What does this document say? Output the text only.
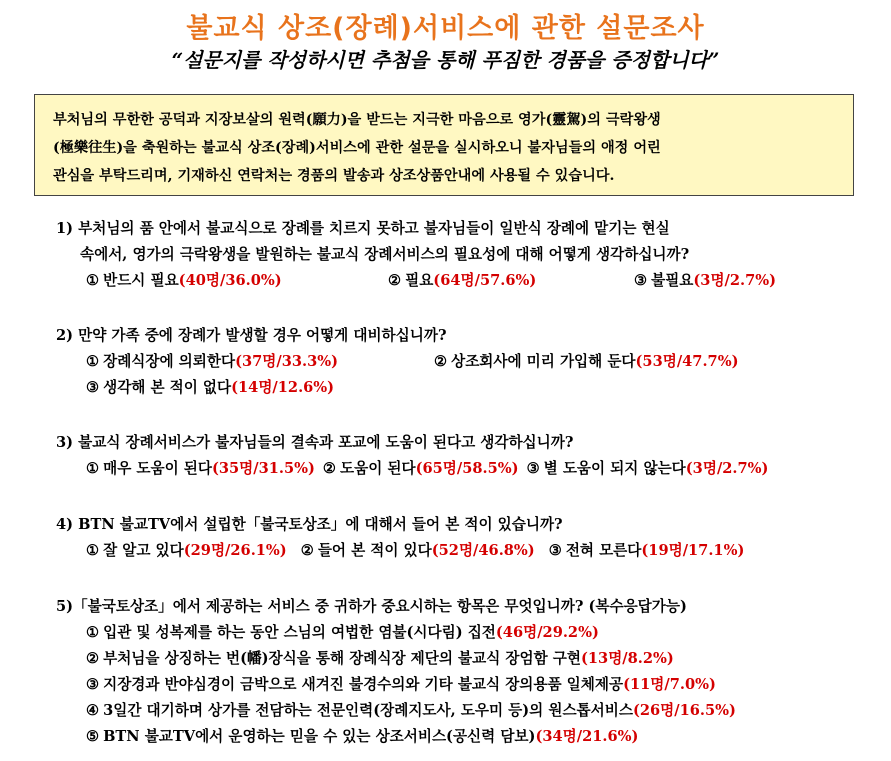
불교식 상조(장례)서비스에 관한 설문조사
“설문지를 작성하시면 추첨을 통해 푸짐한 경품을 증정합니다”
부처님의 무한한 공덕과 지장보살의 원력(願力)을 받드는 지극한 마음으로 영가(靈駕)의 극락왕생
(極樂往生)을 축원하는 불교식 상조(장례)서비스에 관한 설문을 실시하오니 불자님들의 애정 어린
관심을 부탁드리며, 기재하신 연락처는 경품의 발송과 상조상품안내에 사용될 수 있습니다.
1) 부처님의 품 안에서 불교식으로 장례를 치르지 못하고 불자님들이 일반식 장례에 맡기는 현실
속에서, 영가의 극락왕생을 발원하는 불교식 장례서비스의 필요성에 대해 어떻게 생각하십니까?
① 반드시 필요(40명/36.0%)	② 필요(64명/57.6%)	③ 불필요(3명/2.7%)
2) 만약 가족 중에 장례가 발생할 경우 어떻게 대비하십니까?
① 장례식장에 의뢰한다(37명/33.3%)	② 상조회사에 미리 가입해 둔다(53명/47.7%)
③ 생각해 본 적이 없다(14명/12.6%)
3) 불교식 장례서비스가 불자님들의 결속과 포교에 도움이 된다고 생각하십니까?
① 매우 도움이 된다(35명/31.5%) ② 도움이 된다(65명/58.5%) ③ 별 도움이 되지 않는다(3명/2.7%)
4) BTN 불교TV에서 설립한「불국토상조」에 대해서 들어 본 적이 있습니까?
① 잘 알고 있다(29명/26.1%) ② 들어 본 적이 있다(52명/46.8%) ③ 전혀 모른다(19명/17.1%)
5)「불국토상조」에서 제공하는 서비스 중 귀하가 중요시하는 항목은 무엇입니까? (복수응답가능)
① 입관 및 성복제를 하는 동안 스님의 여법한 염불(시다림) 집전(46명/29.2%)
② 부처님을 상징하는 번(幡)장식을 통해 장례식장 제단의 불교식 장엄함 구현(13명/8.2%)
③ 지장경과 반야심경이 금박으로 새겨진 불경수의와 기타 불교식 장의용품 일체제공(11명/7.0%)
④ 3일간 대기하며 상가를 전담하는 전문인력(장례지도사, 도우미 등)의 원스톱서비스(26명/16.5%)
⑤ BTN 불교TV에서 운영하는 믿을 수 있는 상조서비스(공신력 담보)(34명/21.6%)
